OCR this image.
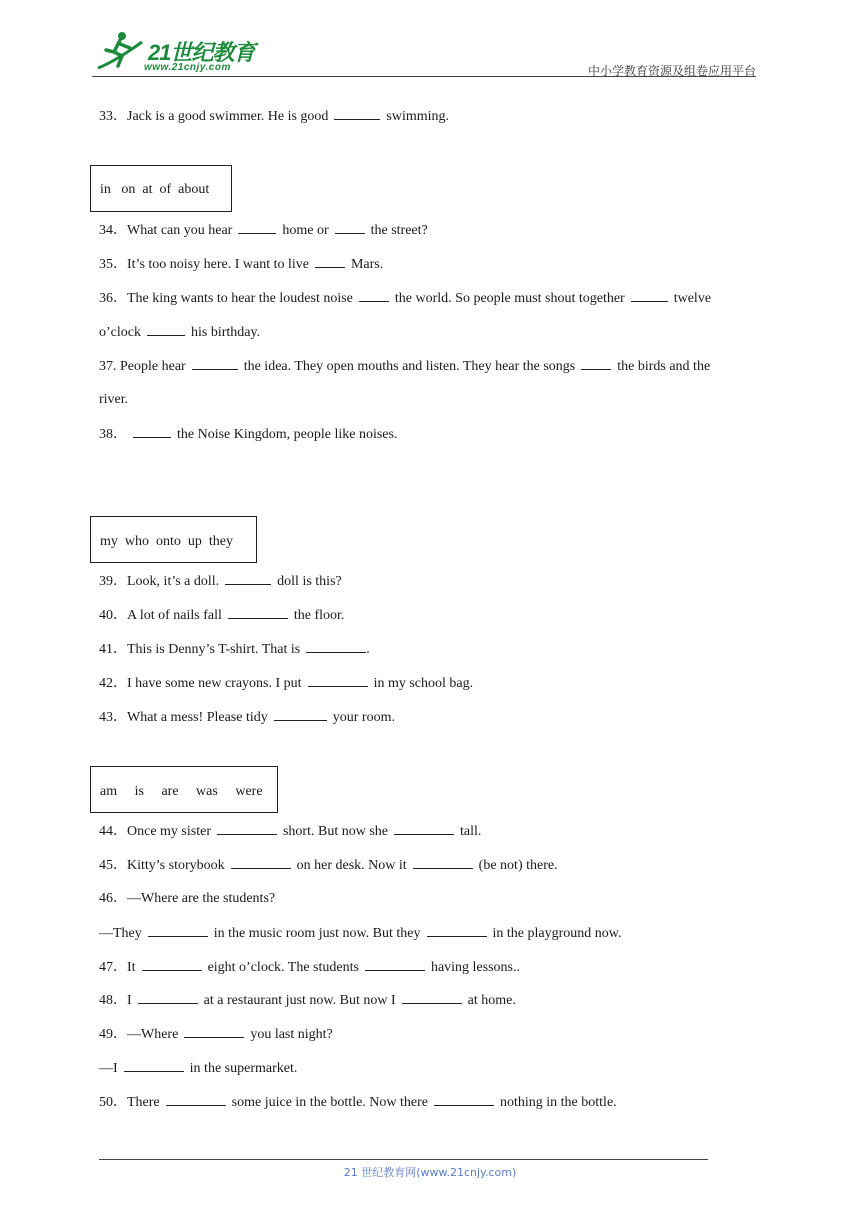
21世纪教育
www.21cnjy.com	中小学教育资源及组卷应用平台
33．Jack is a good swimmer. He is good	swimming.
in on at of about
34．What can you hear	home or	the street?
35．It’s too noisy here. I want to live	Mars.
36．The king wants to hear the loudest noise	the world. So people must shout together	twelve
o’clock	his birthday.
37. People hear	the idea. They open mouths and listen. They hear the songs	the birds and the
river.
38．	the Noise Kingdom, people like noises.
my who onto up they
39．Look, it’s a doll.	doll is this?
40．A lot of nails fall	the floor.
41．This is Denny’s T-shirt. That is	.
42．I have some new crayons. I put	in my school bag.
43．What a mess! Please tidy	your room.
am is are was were
44．Once my sister	short. But now she	tall.
45．Kitty’s storybook	on her desk. Now it	(be not) there.
46．—Where are the students?
—They	in the music room just now. But they	in the playground now.
47．It	eight o’clock. The students	having lessons..
48．I	at a restaurant just now. But now I	at home.
49．—Where	you last night?
—I	in the supermarket.
50．There	some juice in the bottle. Now there	nothing in the bottle.
21 世纪教育网(www.21cnjy.com)
